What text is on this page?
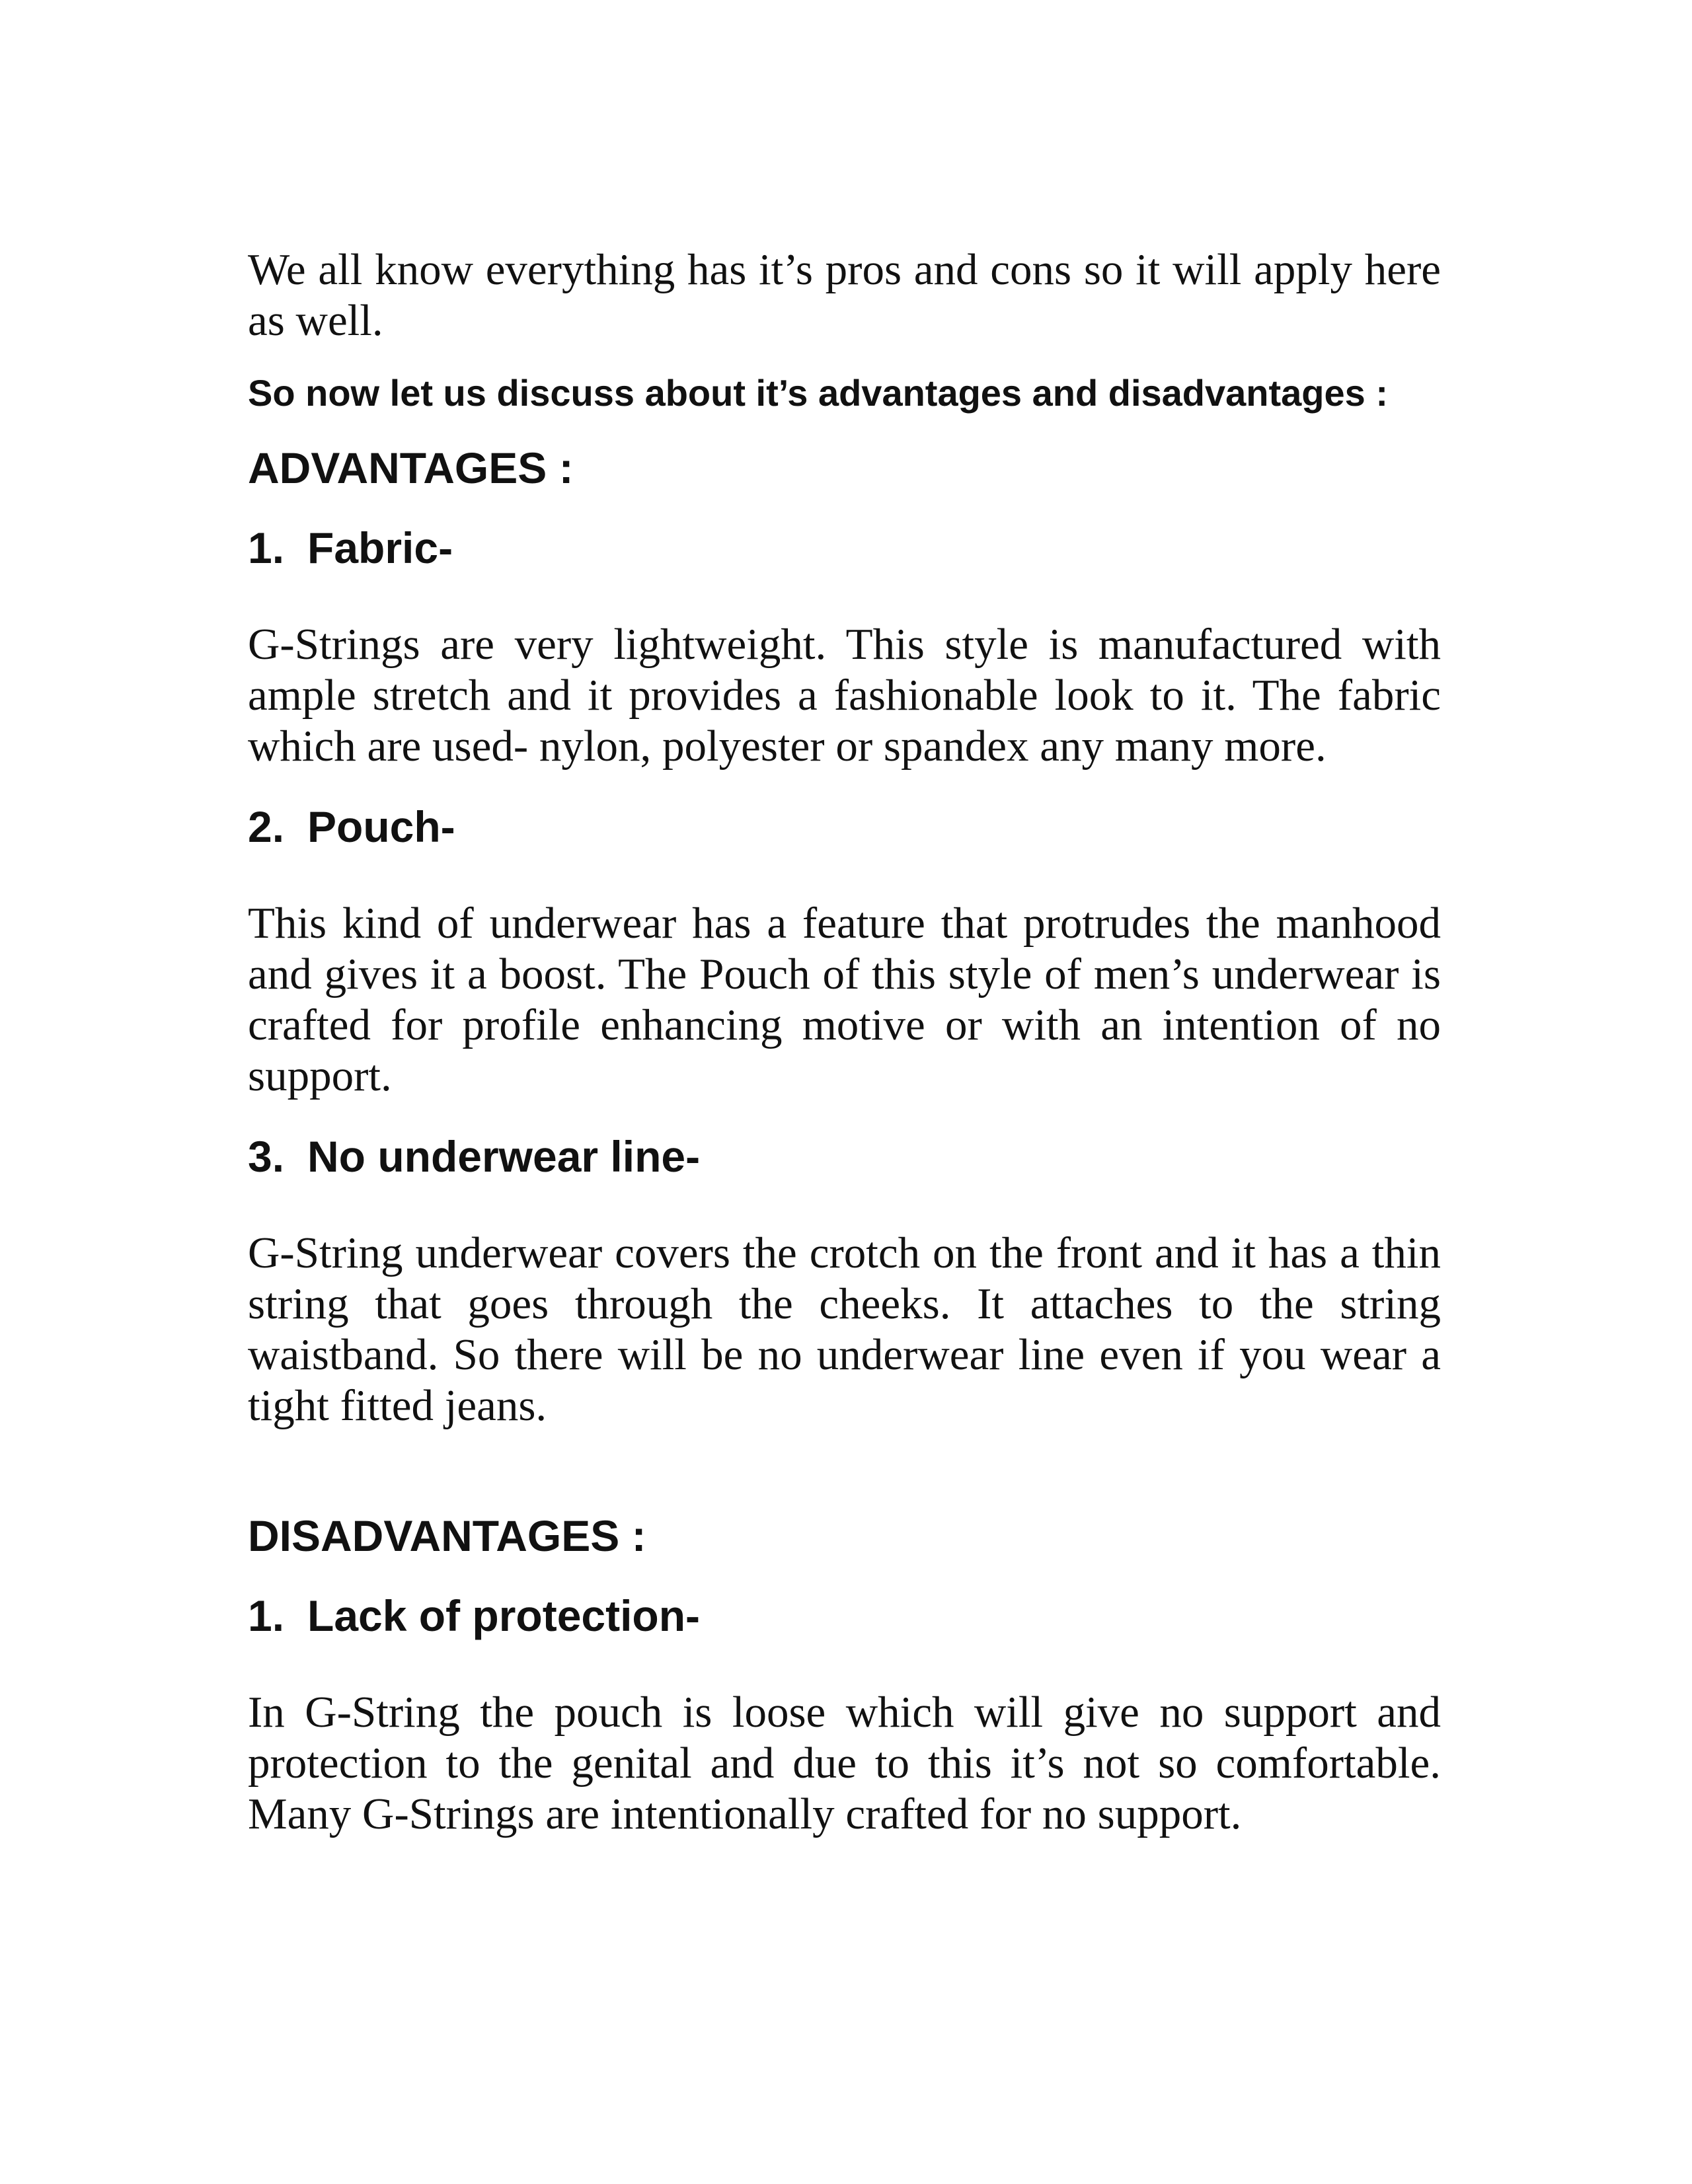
We all know everything has it’s pros and cons so it will apply here as well.

So now let us discuss about it’s advantages and disadvantages :

ADVANTAGES :
1. Fabric-

G-Strings are very lightweight. This style is manufactured with ample stretch and it provides a fashionable look to it. The fabric which are used- nylon, polyester or spandex any many more.

2. Pouch-

This kind of underwear has a feature that protrudes the manhood and gives it a boost. The Pouch of this style of men’s underwear is crafted for profile enhancing motive or with an intention of no support.

3. No underwear line-

G-String underwear covers the crotch on the front and it has a thin string that goes through the cheeks. It attaches to the string waistband. So there will be no underwear line even if you wear a tight fitted jeans.

DISADVANTAGES :
1. Lack of protection-

In G-String the pouch is loose which will give no support and protection to the genital and due to this it’s not so comfortable. Many G-Strings are intentionally crafted for no support.
